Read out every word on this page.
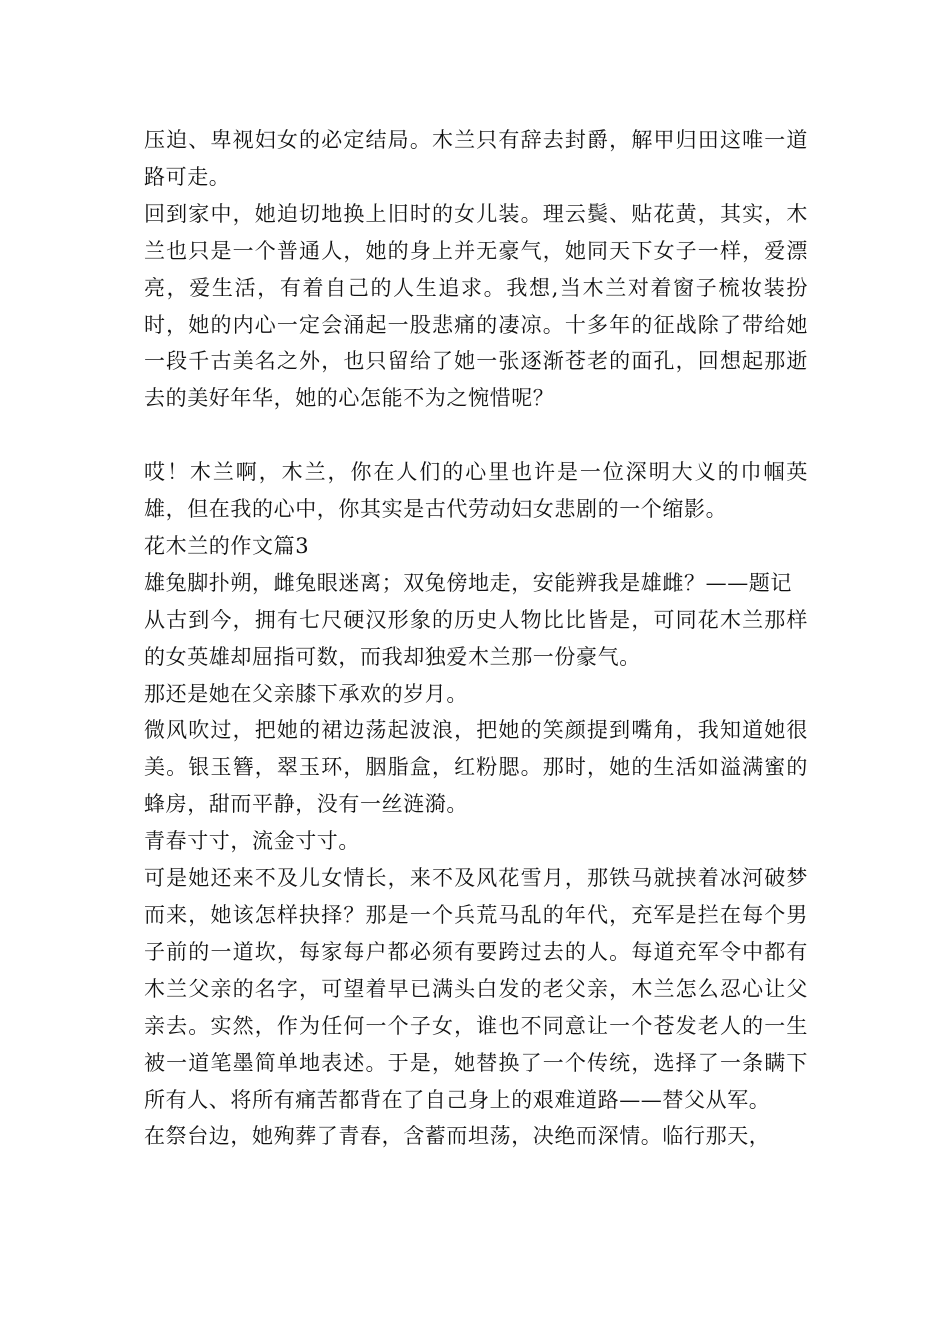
压迫、卑视妇女的必定结局。木兰只有辞去封爵，解甲归田这唯一道路可走。

回到家中，她迫切地换上旧时的女儿装。理云鬓、贴花黄，其实，木兰也只是一个普通人，她的身上并无豪气，她同天下女子一样，爱漂亮，爱生活，有着自己的人生追求。我想,当木兰对着窗子梳妆装扮时，她的内心一定会涌起一股悲痛的凄凉。十多年的征战除了带给她一段千古美名之外，也只留给了她一张逐渐苍老的面孔，回想起那逝去的美好年华，她的心怎能不为之惋惜呢？

哎！木兰啊，木兰，你在人们的心里也许是一位深明大义的巾帼英雄，但在我的心中，你其实是古代劳动妇女悲剧的一个缩影。

花木兰的作文篇3

雄兔脚扑朔，雌兔眼迷离；双兔傍地走，安能辨我是雄雌？——题记

从古到今，拥有七尺硬汉形象的历史人物比比皆是，可同花木兰那样的女英雄却屈指可数，而我却独爱木兰那一份豪气。

那还是她在父亲膝下承欢的岁月。

微风吹过，把她的裙边荡起波浪，把她的笑颜提到嘴角，我知道她很美。银玉簪，翠玉环，胭脂盒，红粉腮。那时，她的生活如溢满蜜的蜂房，甜而平静，没有一丝涟漪。

青春寸寸，流金寸寸。

可是她还来不及儿女情长，来不及风花雪月，那铁马就挟着冰河破梦而来，她该怎样抉择？那是一个兵荒马乱的年代，充军是拦在每个男子前的一道坎，每家每户都必须有要跨过去的人。每道充军令中都有木兰父亲的名字，可望着早已满头白发的老父亲，木兰怎么忍心让父亲去。实然，作为任何一个子女，谁也不同意让一个苍发老人的一生被一道笔墨简单地表述。于是，她替换了一个传统，选择了一条瞒下所有人、将所有痛苦都背在了自己身上的艰难道路——替父从军。

在祭台边，她殉葬了青春，含蓄而坦荡，决绝而深情。临行那天，
